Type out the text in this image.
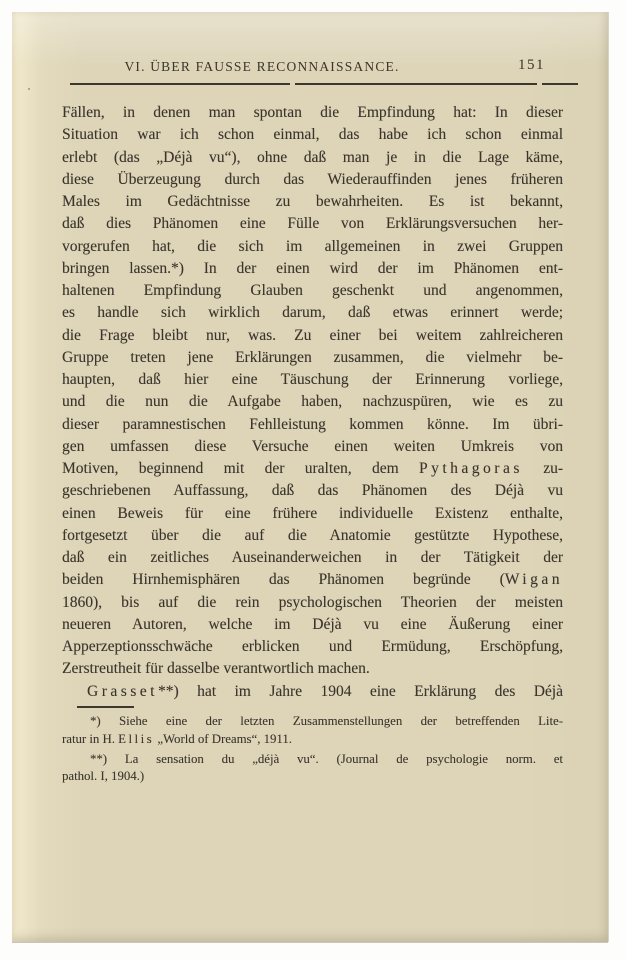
VI. ÜBER FAUSSE RECONNAISSANCE.	151
Fällen, in denen man spontan die Empfindung hat: In dieser
Situation war ich schon einmal, das habe ich schon einmal
erlebt (das „Déjà vu“), ohne daß man je in die Lage käme,
diese Überzeugung durch das Wiederauffinden jenes früheren
Males im Gedächtnisse zu bewahrheiten. Es ist bekannt,
daß dies Phänomen eine Fülle von Erklärungsversuchen her-
vorgerufen hat, die sich im allgemeinen in zwei Gruppen
bringen lassen.*) In der einen wird der im Phänomen ent-
haltenen Empfindung Glauben geschenkt und angenommen,
es handle sich wirklich darum, daß etwas erinnert werde;
die Frage bleibt nur, was. Zu einer bei weitem zahlreicheren
Gruppe treten jene Erklärungen zusammen, die vielmehr be-
haupten, daß hier eine Täuschung der Erinnerung vorliege,
und die nun die Aufgabe haben, nachzuspüren, wie es zu
dieser paramnestischen Fehlleistung kommen könne. Im übri-
gen umfassen diese Versuche einen weiten Umkreis von
Motiven, beginnend mit der uralten, dem Pythagoras zu-
geschriebenen Auffassung, daß das Phänomen des Déjà vu
einen Beweis für eine frühere individuelle Existenz enthalte,
fortgesetzt über die auf die Anatomie gestützte Hypothese,
daß ein zeitliches Auseinanderweichen in der Tätigkeit der
beiden Hirnhemisphären das Phänomen begründe (Wigan
1860), bis auf die rein psychologischen Theorien der meisten
neueren Autoren, welche im Déjà vu eine Äußerung einer
Apperzeptionsschwäche erblicken und Ermüdung, Erschöpfung,
Zerstreutheit für dasselbe verantwortlich machen.
Grasset**) hat im Jahre 1904 eine Erklärung des Déjà
*) Siehe eine der letzten Zusammenstellungen der betreffenden Lite-
ratur in H. Ellis „World of Dreams“, 1911.
**) La sensation du „déjà vu“. (Journal de psychologie norm. et
pathol. I, 1904.)
